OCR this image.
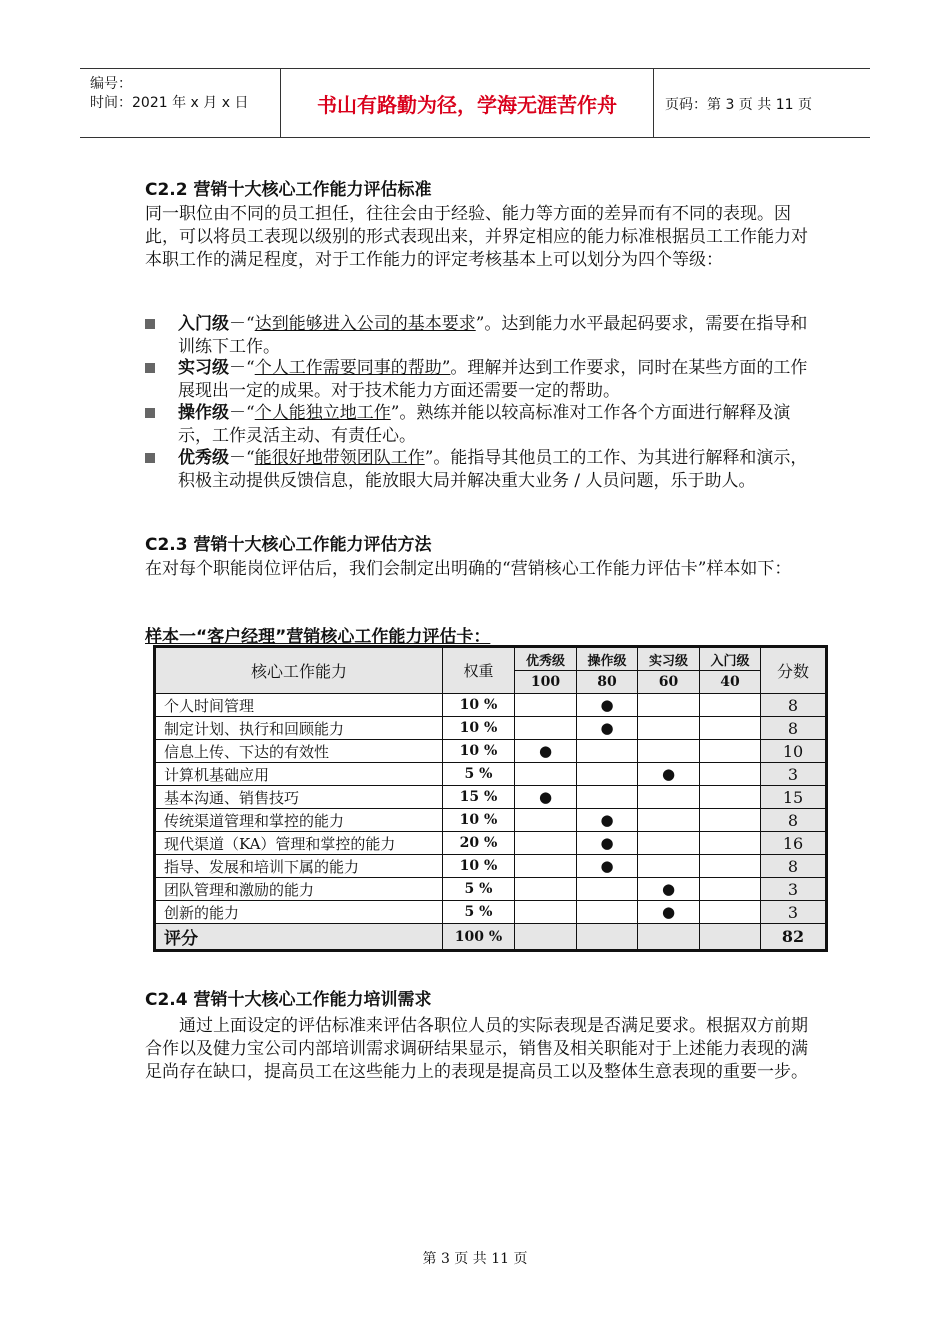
编号：
时间：2021 年 x 月 x 日	书山有路勤为径，学海无涯苦作舟	页码：第 3 页 共 11 页
C2.2 营销十大核心工作能力评估标准
同一职位由不同的员工担任，往往会由于经验、能力等方面的差异而有不同的表现。因此，可以将员工表现以级别的形式表现出来，并界定相应的能力标准根据员工工作能力对本职工作的满足程度，对于工作能力的评定考核基本上可以划分为四个等级：
入门级－“达到能够进入公司的基本要求”。达到能力水平最起码要求，需要在指导和训练下工作。
实习级－“个人工作需要同事的帮助”。理解并达到工作要求，同时在某些方面的工作展现出一定的成果。对于技术能力方面还需要一定的帮助。
操作级－“个人能独立地工作”。熟练并能以较高标准对工作各个方面进行解释及演示，工作灵活主动、有责任心。
优秀级－“能很好地带领团队工作”。能指导其他员工的工作、为其进行解释和演示，积极主动提供反馈信息，能放眼大局并解决重大业务 / 人员问题，乐于助人。
C2.3 营销十大核心工作能力评估方法
在对每个职能岗位评估后，我们会制定出明确的“营销核心工作能力评估卡”样本如下：
样本一“客户经理”营销核心工作能力评估卡：
核心工作能力	权重	优秀级	操作级	实习级	入门级	分数
		100	80	60	40	
个人时间管理	10 %		●			8
制定计划、执行和回顾能力	10 %		●			8
信息上传、下达的有效性	10 %	●				10
计算机基础应用	5 %			●		3
基本沟通、销售技巧	15 %	●				15
传统渠道管理和掌控的能力	10 %		●			8
现代渠道（KA）管理和掌控的能力	20 %		●			16
指导、发展和培训下属的能力	10 %		●			8
团队管理和激励的能力	5 %			●		3
创新的能力	5 %			●		3
评分	100 %					82
C2.4 营销十大核心工作能力培训需求
通过上面设定的评估标准来评估各职位人员的实际表现是否满足要求。根据双方前期合作以及健力宝公司内部培训需求调研结果显示，销售及相关职能对于上述能力表现的满足尚存在缺口，提高员工在这些能力上的表现是提高员工以及整体生意表现的重要一步。
第 3 页 共 11 页
